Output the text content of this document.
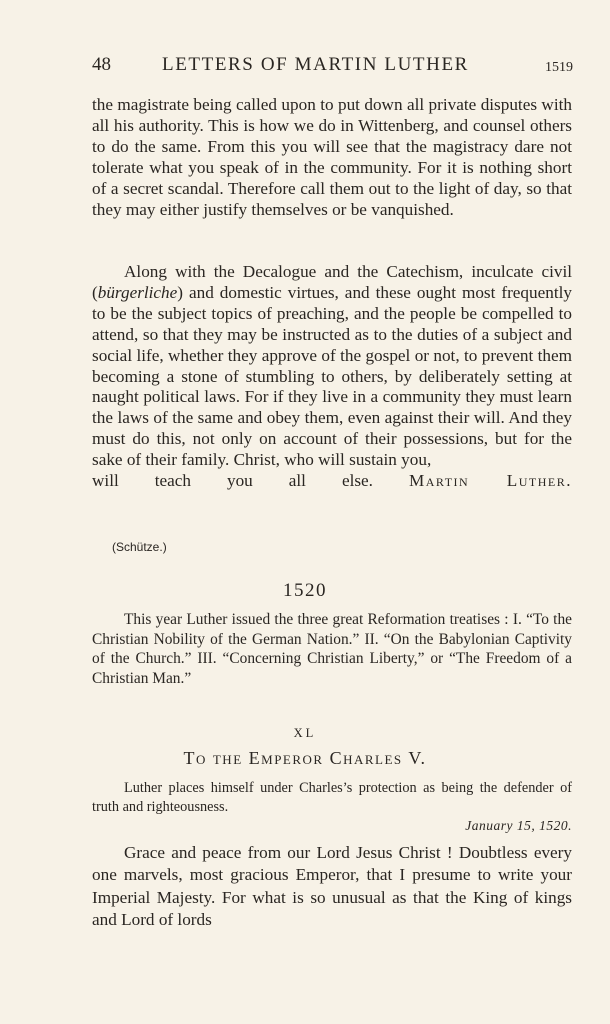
48	LETTERS OF MARTIN LUTHER	1519

the magistrate being called upon to put down all private disputes with all his authority. This is how we do in Wittenberg, and counsel others to do the same. From this you will see that the magistracy dare not tolerate what you speak of in the community. For it is nothing short of a secret scandal. Therefore call them out to the light of day, so that they may either justify themselves or be vanquished.

Along with the Decalogue and the Catechism, inculcate civil (bürgerliche) and domestic virtues, and these ought most frequently to be the subject topics of preaching, and the people be compelled to attend, so that they may be instructed as to the duties of a subject and social life, whether they approve of the gospel or not, to prevent them becoming a stone of stumbling to others, by deliberately setting at naught political laws. For if they live in a community they must learn the laws of the same and obey them, even against their will. And they must do this, not only on account of their possessions, but for the sake of their family. Christ, who will sustain you,

will teach you all else. Martin Luther.

(Schütze.)
1520

This year Luther issued the three great Reformation treatises : I. “To the Christian Nobility of the German Nation.” II. “On the Babylonian Captivity of the Church.” III. “Concerning Christian Liberty,” or “The Freedom of a Christian Man.”

XL
To the Emperor Charles V.

Luther places himself under Charles’s protection as being the defender of truth and righteousness.

January 15, 1520.

Grace and peace from our Lord Jesus Christ ! Doubtless every one marvels, most gracious Emperor, that I presume to write your Imperial Majesty. For what is so unusual as that the King of kings and Lord of lords
